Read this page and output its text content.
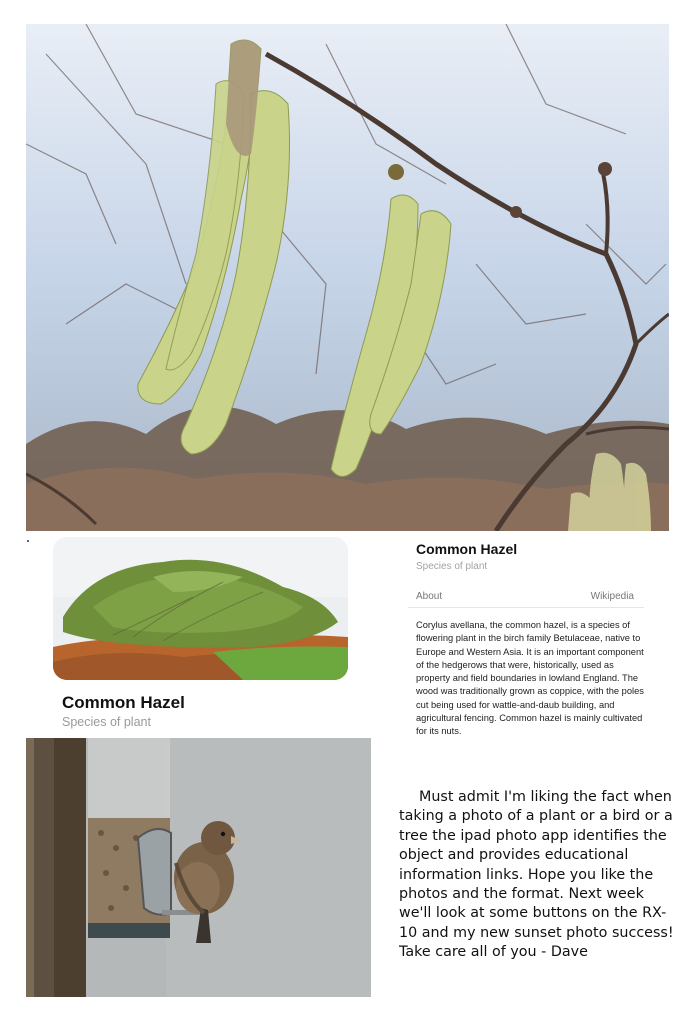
Common Hazel
Species of plant
Common Hazel
Species of plant
About	Wikipedia
Corylus avellana, the common hazel, is a species of flowering plant in the birch family Betulaceae, native to Europe and Western Asia. It is an important component of the hedgerows that were, historically, used as property and field boundaries in lowland England. The wood was traditionally grown as coppice, with the poles cut being used for wattle-and-daub building, and agricultural fencing. Common hazel is mainly cultivated for its nuts.
Must admit I'm liking the fact when taking a photo of a plant or a bird or a tree the ipad photo app identifies the object and provides educational information links. Hope you like the photos and the format. Next week we'll look at some buttons on the RX-10 and my new sunset photo success! Take care all of you - Dave
